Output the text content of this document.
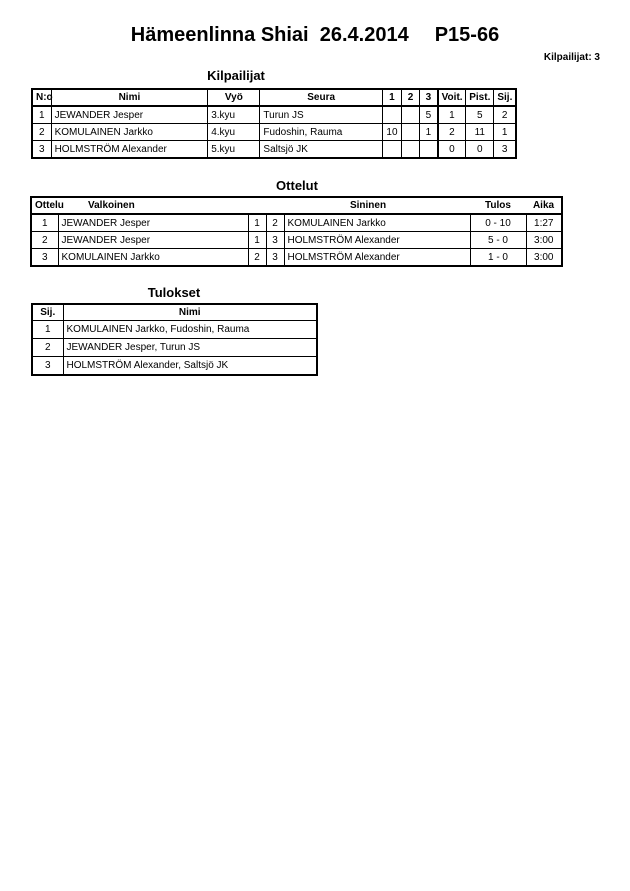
Hämeenlinna Shiai  26.4.2014 P15-66
Kilpailijat: 3
Kilpailijat
N:o	Nimi	Vyö	Seura	1	2	3	Voit.	Pist.	Sij.
1	JEWANDER Jesper	3.kyu	Turun JS			5	1	5	2
2	KOMULAINEN Jarkko	4.kyu	Fudoshin, Rauma	10		1	2	11	1
3	HOLMSTRÖM Alexander	5.kyu	Saltsjö JK				0	0	3
Ottelut
Ottelu	Valkoinen		Sininen		Tulos	Aika
1	JEWANDER Jesper	1	2	KOMULAINEN Jarkko	0 - 10	1:27
2	JEWANDER Jesper	1	3	HOLMSTRÖM Alexander	5 - 0	3:00
3	KOMULAINEN Jarkko	2	3	HOLMSTRÖM Alexander	1 - 0	3:00
Tulokset
Sij.	Nimi
1	KOMULAINEN Jarkko, Fudoshin, Rauma
2	JEWANDER Jesper, Turun JS
3	HOLMSTRÖM Alexander, Saltsjö JK
